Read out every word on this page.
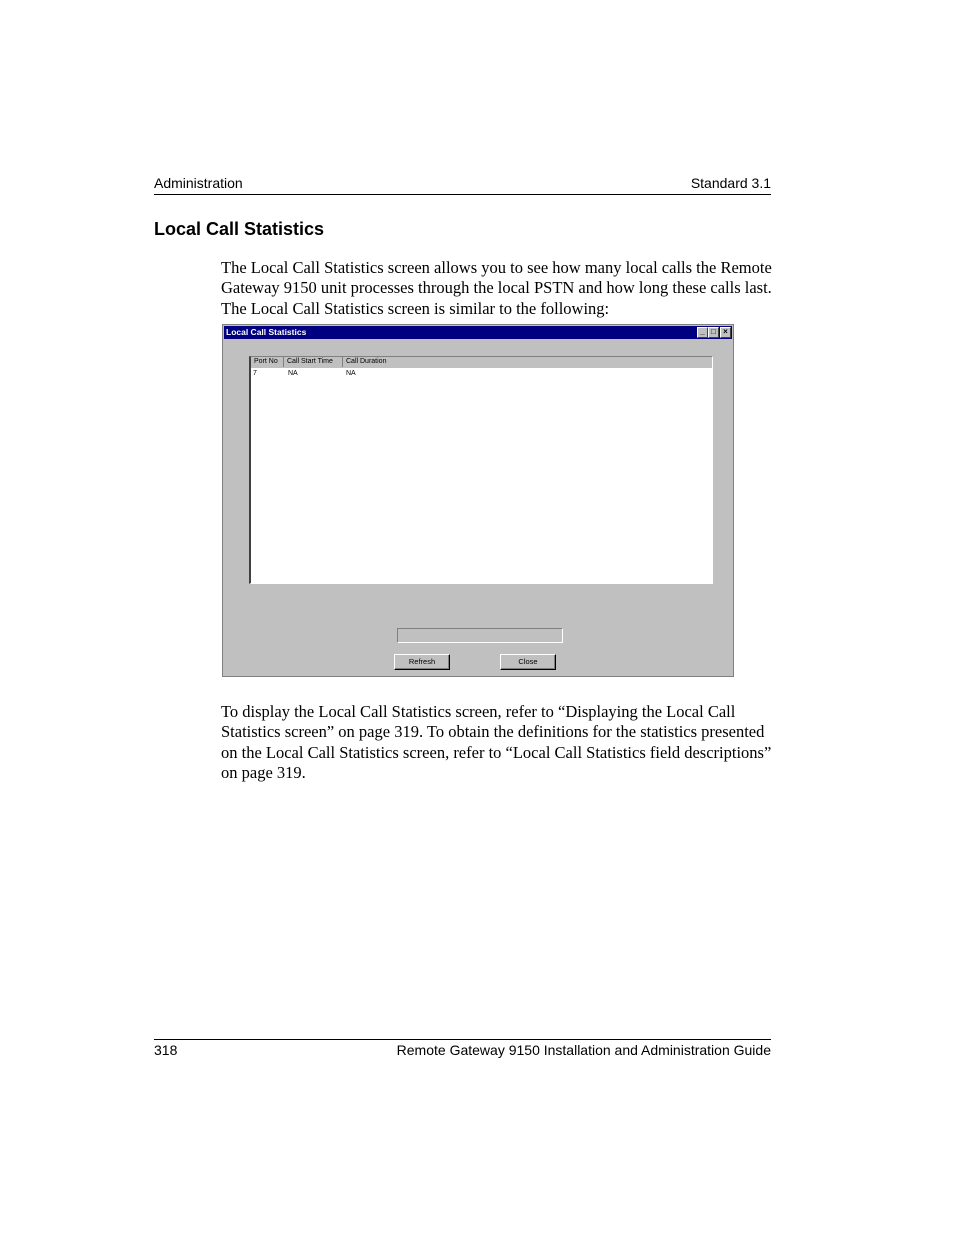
Administration	Standard 3.1
Local Call Statistics

The Local Call Statistics screen allows you to see how many local calls the Remote Gateway 9150 unit processes through the local PSTN and how long these calls last. The Local Call Statistics screen is similar to the following:

Local Call Statistics	_ □ ×
Port No	Call Start Time	Call Duration
7	NA	NA
Refresh	Close

To display the Local Call Statistics screen, refer to “Displaying the Local Call Statistics screen” on page 319. To obtain the definitions for the statistics presented on the Local Call Statistics screen, refer to “Local Call Statistics field descriptions” on page 319.

318	Remote Gateway 9150 Installation and Administration Guide
